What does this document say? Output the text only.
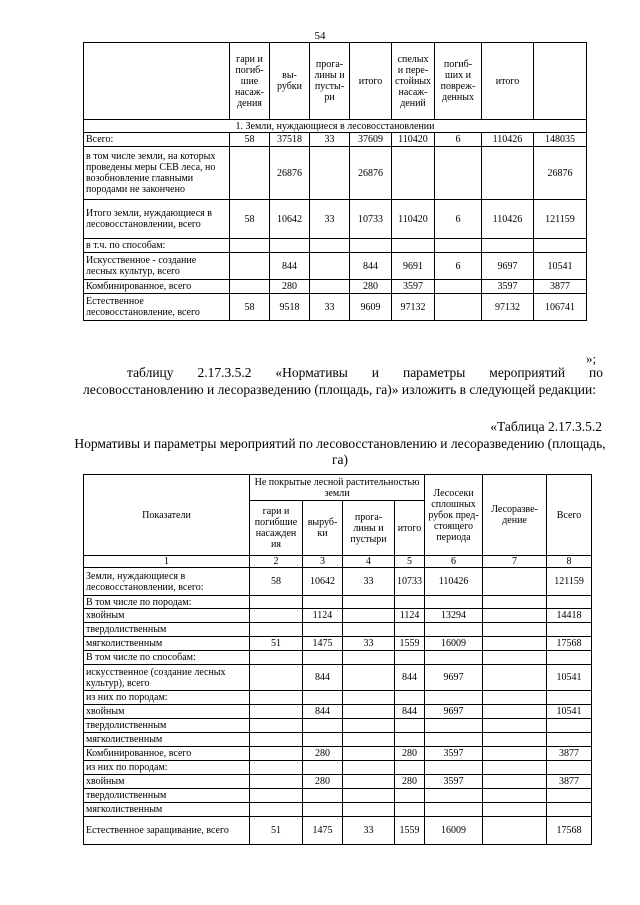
54
	гари и погиб-шие насаж-дения	вы-рубки	прога-лины и пусты-ри	итого	спелых и пере-стойных насаж-дений	погиб-ших и повреж-денных	итого	
1. Земли, нуждающиеся в лесовосстановлении								
Всего:	58	37518	33	37609	110420	6	110426	148035
в том числе земли, на которых проведены меры СЕВ леса, но возобновление главными породами не закончено		26876		26876				26876
Итого земли, нуждающиеся в лесовосстановлении, всего	58	10642	33	10733	110420	6	110426	121159
в т.ч. по способам:								
Искусственное - создание лесных культур, всего		844		844	9691	6	9697	10541
Комбинированное, всего		280		280	3597		3597	3877
Естественное лесовосстановление, всего	58	9518	33	9609	97132		97132	106741
»;
таблицу 2.17.3.5.2 «Нормативы и параметры мероприятий по лесовосстановлению и лесоразведению (площадь, га)» изложить в следующей редакции:
«Таблица 2.17.3.5.2
Нормативы и параметры мероприятий по лесовосстановлению и лесоразведению (площадь, га)
Показатели	Не покрытые лесной растительностью земли				Лесосеки сплошных рубок пред-стоящего периода	Лесоразве-дение	Всего
	гари и погибшие насажден ия	выруб-ки	прога-лины и пустыри	итого			
1	2	3	4	5	6	7	8
Земли, нуждающиеся в лесовосстановлении, всего:	58	10642	33	10733	110426		121159
В том числе по породам:							
хвойным		1124		1124	13294		14418
твердолиственным							
мягколиственным	51	1475	33	1559	16009		17568
В том числе по способам:							
искусственное (создание лесных культур), всего		844		844	9697		10541
из них по породам:							
хвойным		844		844	9697		10541
твердолиственным							
мягколиственным							
Комбинированное, всего		280		280	3597		3877
из них по породам:							
хвойным		280		280	3597		3877
твердолиственным							
мягколиственным							
Естественное заращивание, всего	51	1475	33	1559	16009		17568
